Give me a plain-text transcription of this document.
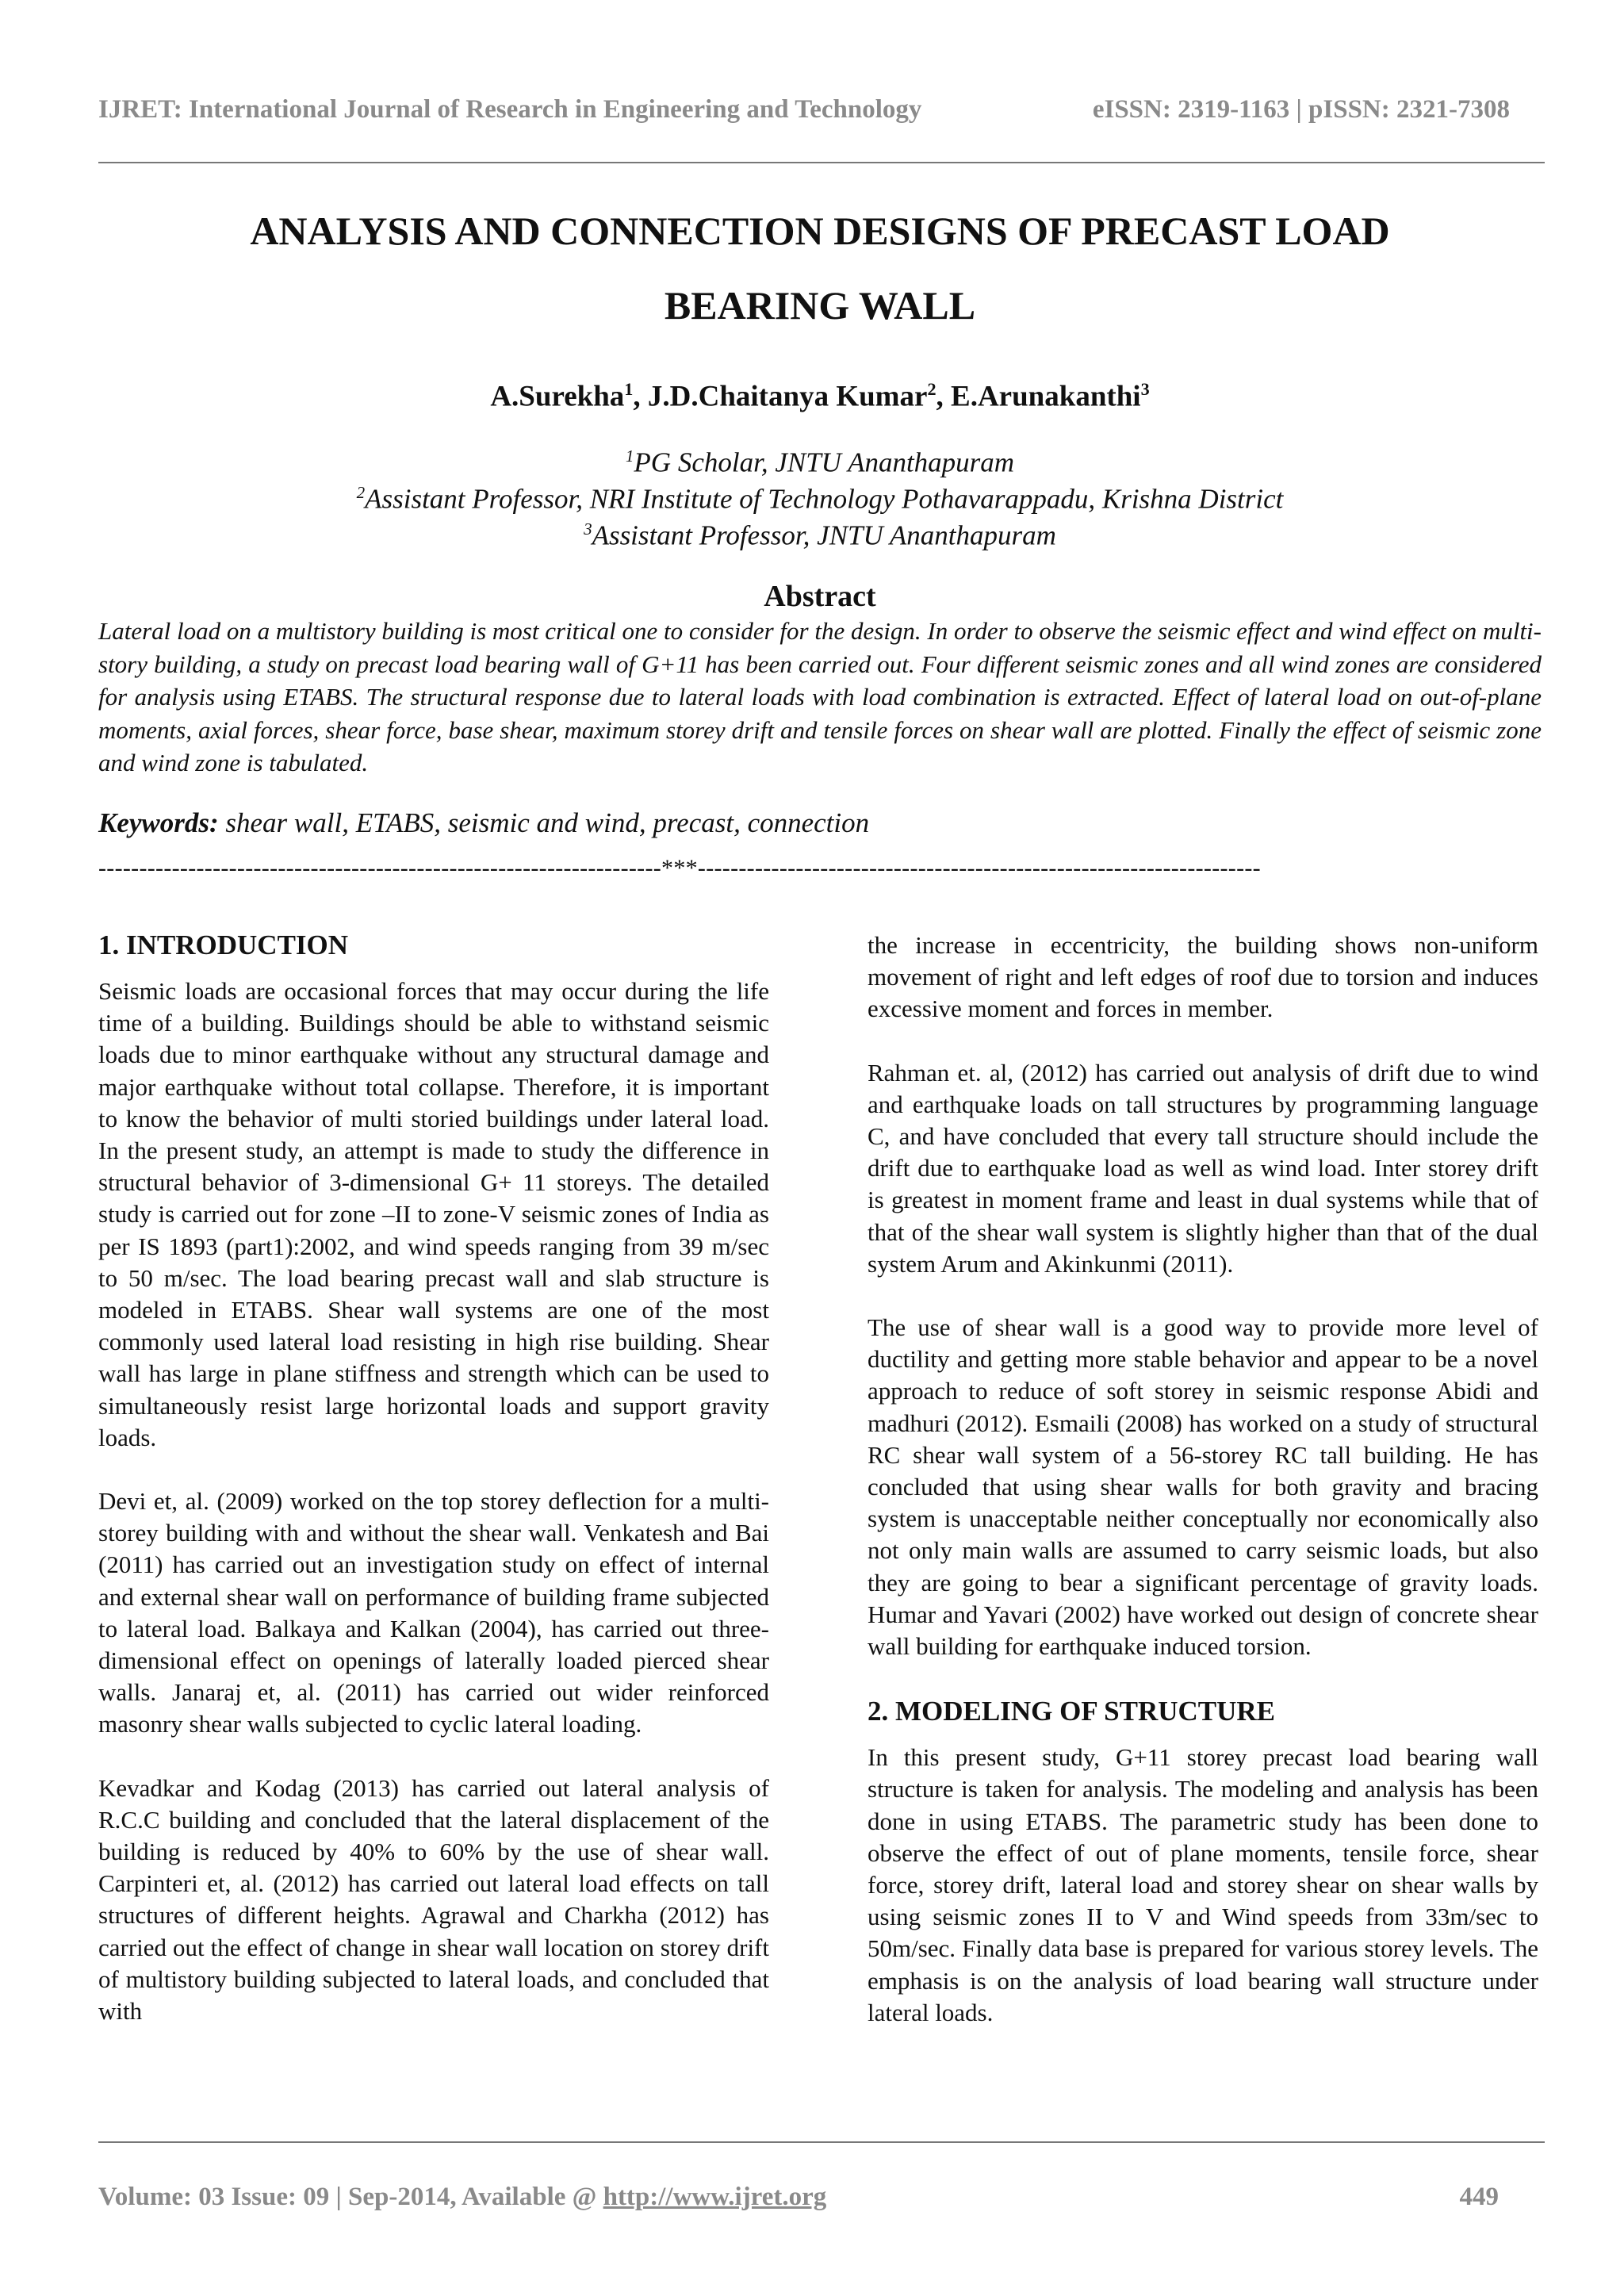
IJRET: International Journal of Research in Engineering and Technology	eISSN: 2319-1163 | pISSN: 2321-7308
ANALYSIS AND CONNECTION DESIGNS OF PRECAST LOAD
BEARING WALL
A.Surekha$^1$, J.D.Chaitanya Kumar$^2$, E.Arunakanthi$^3$
$^1$PG Scholar, JNTU Ananthapuram
$^2$Assistant Professor, NRI Institute of Technology Pothavarappadu, Krishna District
$^3$Assistant Professor, JNTU Ananthapuram
Abstract
Lateral load on a multistory building is most critical one to consider for the design. In order to observe the seismic effect and wind effect on multi-story building, a study on precast load bearing wall of G+11 has been carried out. Four different seismic zones and all wind zones are considered for analysis using ETABS. The structural response due to lateral loads with load combination is extracted. Effect of lateral load on out-of-plane moments, axial forces, shear force, base shear, maximum storey drift and tensile forces on shear wall are plotted. Finally the effect of seismic zone and wind zone is tabulated.
Keywords: shear wall, ETABS, seismic and wind, precast, connection
---------------------------------------------------------------------***---------------------------------------------------------------------
1. INTRODUCTION

Seismic loads are occasional forces that may occur during the life time of a building. Buildings should be able to withstand seismic loads due to minor earthquake without any structural damage and major earthquake without total collapse. Therefore, it is important to know the behavior of multi storied buildings under lateral load. In the present study, an attempt is made to study the difference in structural behavior of 3-dimensional G+ 11 storeys. The detailed study is carried out for zone –II to zone-V seismic zones of India as per IS 1893 (part1):2002, and wind speeds ranging from 39 m/sec to 50 m/sec. The load bearing precast wall and slab structure is modeled in ETABS. Shear wall systems are one of the most commonly used lateral load resisting in high rise building. Shear wall has large in plane stiffness and strength which can be used to simultaneously resist large horizontal loads and support gravity loads.

Devi et, al. (2009) worked on the top storey deflection for a multi-storey building with and without the shear wall. Venkatesh and Bai (2011) has carried out an investigation study on effect of internal and external shear wall on performance of building frame subjected to lateral load. Balkaya and Kalkan (2004), has carried out three-dimensional effect on openings of laterally loaded pierced shear walls. Janaraj et, al. (2011) has carried out wider reinforced masonry shear walls subjected to cyclic lateral loading.

Kevadkar and Kodag (2013) has carried out lateral analysis of R.C.C building and concluded that the lateral displacement of the building is reduced by 40% to 60% by the use of shear wall. Carpinteri et, al. (2012) has carried out lateral load effects on tall structures of different heights. Agrawal and Charkha (2012) has carried out the effect of change in shear wall location on storey drift of multistory building subjected to lateral loads, and concluded that with

the increase in eccentricity, the building shows non-uniform movement of right and left edges of roof due to torsion and induces excessive moment and forces in member.

Rahman et. al, (2012) has carried out analysis of drift due to wind and earthquake loads on tall structures by programming language C, and have concluded that every tall structure should include the drift due to earthquake load as well as wind load. Inter storey drift is greatest in moment frame and least in dual systems while that of that of the shear wall system is slightly higher than that of the dual system Arum and Akinkunmi (2011).

The use of shear wall is a good way to provide more level of ductility and getting more stable behavior and appear to be a novel approach to reduce of soft storey in seismic response Abidi and madhuri (2012). Esmaili (2008) has worked on a study of structural RC shear wall system of a 56-storey RC tall building. He has concluded that using shear walls for both gravity and bracing system is unacceptable neither conceptually nor economically also not only main walls are assumed to carry seismic loads, but also they are going to bear a significant percentage of gravity loads. Humar and Yavari (2002) have worked out design of concrete shear wall building for earthquake induced torsion.

2. MODELING OF STRUCTURE

In this present study, G+11 storey precast load bearing wall structure is taken for analysis. The modeling and analysis has been done in using ETABS. The parametric study has been done to observe the effect of out of plane moments, tensile force, shear force, storey drift, lateral load and storey shear on shear walls by using seismic zones II to V and Wind speeds from 33m/sec to 50m/sec. Finally data base is prepared for various storey levels. The emphasis is on the analysis of load bearing wall structure under lateral loads.

Volume: 03 Issue: 09 | Sep-2014, Available @ http://www.ijret.org	449
